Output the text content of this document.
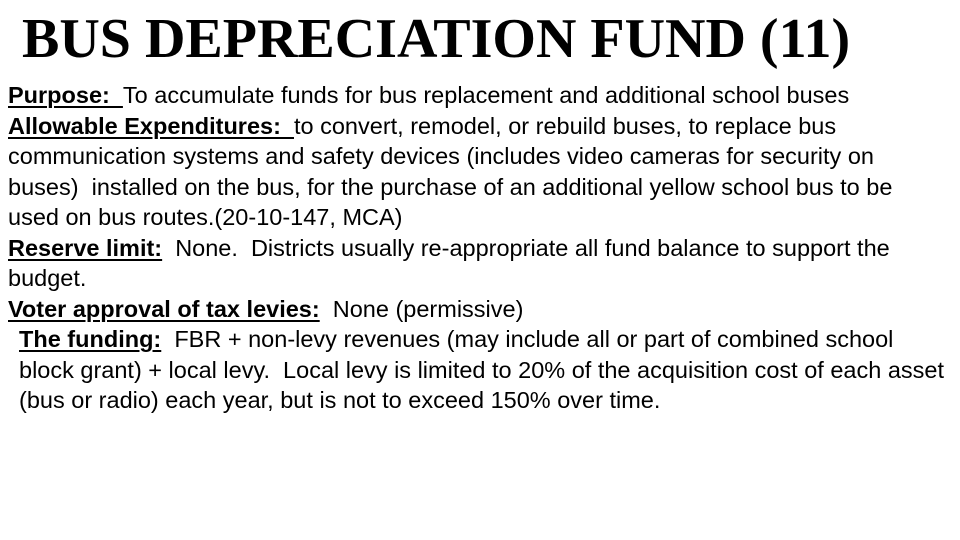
BUS DEPRECIATION FUND (11)

Purpose:  To accumulate funds for bus replacement and additional school buses

Allowable Expenditures:  to convert, remodel, or rebuild buses, to replace bus communication systems and safety devices (includes video cameras for security on buses)  installed on the bus, for the purchase of an additional yellow school bus to be used on bus routes.(20-10-147, MCA)

Reserve limit:  None.  Districts usually re-appropriate all fund balance to support the budget.

Voter approval of tax levies:  None (permissive)

The funding:  FBR + non-levy revenues (may include all or part of combined school block grant) + local levy.  Local levy is limited to 20% of the acquisition cost of each asset (bus or radio) each year, but is not to exceed 150% over time.
